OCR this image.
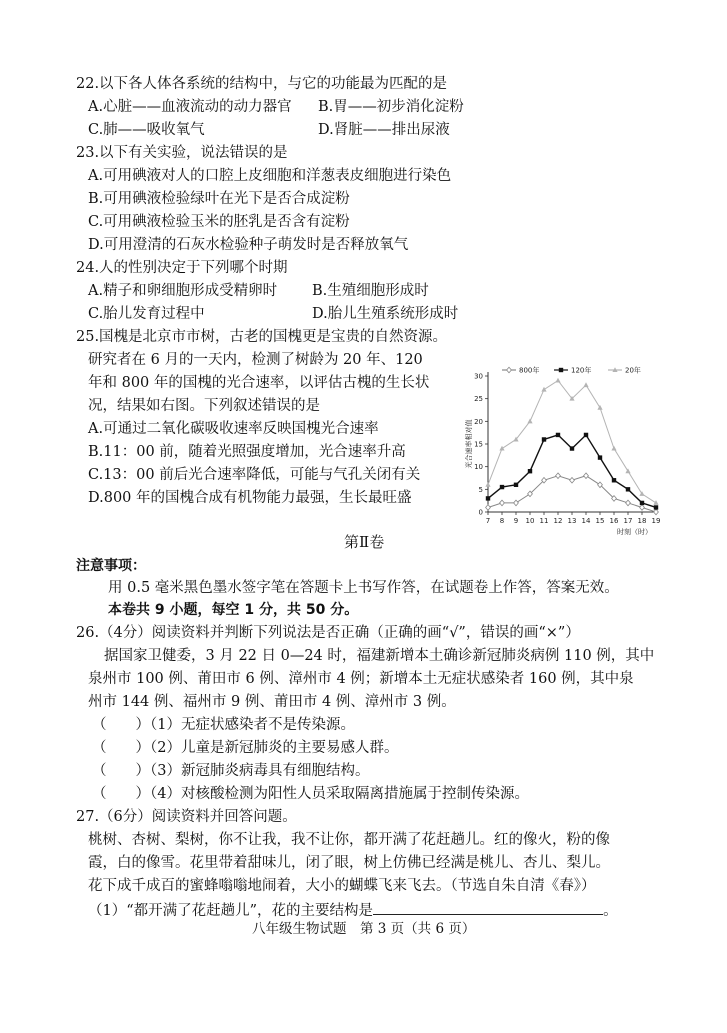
22.以下各人体各系统的结构中，与它的功能最为匹配的是
A.心脏——血液流动的动力器官 B.胃——初步消化淀粉
C.肺——吸收氧气	D.肾脏——排出尿液
23.以下有关实验，说法错误的是
A.可用碘液对人的口腔上皮细胞和洋葱表皮细胞进行染色
B.可用碘液检验绿叶在光下是否合成淀粉
C.可用碘液检验玉米的胚乳是否含有淀粉
D.可用澄清的石灰水检验种子萌发时是否释放氧气
24.人的性别决定于下列哪个时期
A.精子和卵细胞形成受精卵时 B.生殖细胞形成时
C.胎儿发育过程中	D.胎儿生殖系统形成时
25.国槐是北京市市树，古老的国槐更是宝贵的自然资源。
研究者在 6 月的一天内，检测了树龄为 20 年、120
年和 800 年的国槐的光合速率，以评估古槐的生长状
况，结果如右图。下列叙述错误的是
A.可通过二氧化碳吸收速率反映国槐光合速率
B.11：00 前，随着光照强度增加，光合速率升高
C.13：00 前后光合速率降低，可能与气孔关闭有关
D.800 年的国槐合成有机物能力最强，生长最旺盛
0
5
10
15
20
25
30
7 8 9 10 11 12 13 14 15 16 17 18 19
时刻（时）
光合速率相对值
800年	120年	20年
第Ⅱ卷
注意事项：
用 0.5 毫米黑色墨水签字笔在答题卡上书写作答，在试题卷上作答，答案无效。
本卷共 9 小题，每空 1 分，共 50 分。
26.（4分）阅读资料并判断下列说法是否正确（正确的画“√”，错误的画“×”）
据国家卫健委，3 月 22 日 0—24 时，福建新增本土确诊新冠肺炎病例 110 例，其中
泉州市 100 例、莆田市 6 例、漳州市 4 例；新增本土无症状感染者 160 例，其中泉
州市 144 例、福州市 9 例、莆田市 4 例、漳州市 3 例。
（　　）（1）无症状感染者不是传染源。
（　　）（2）儿童是新冠肺炎的主要易感人群。
（　　）（3）新冠肺炎病毒具有细胞结构。
（　　）（4）对核酸检测为阳性人员采取隔离措施属于控制传染源。
27.（6分）阅读资料并回答问题。
桃树、杏树、梨树，你不让我，我不让你，都开满了花赶趟儿。红的像火，粉的像
霞，白的像雪。花里带着甜味儿，闭了眼，树上仿佛已经满是桃儿、杏儿、梨儿。
花下成千成百的蜜蜂嗡嗡地闹着，大小的蝴蝶飞来飞去。（节选自朱自清《春》）
（1）“都开满了花赶趟儿”，花的主要结构是	。
八年级生物试题　第 3 页（共 6 页）
